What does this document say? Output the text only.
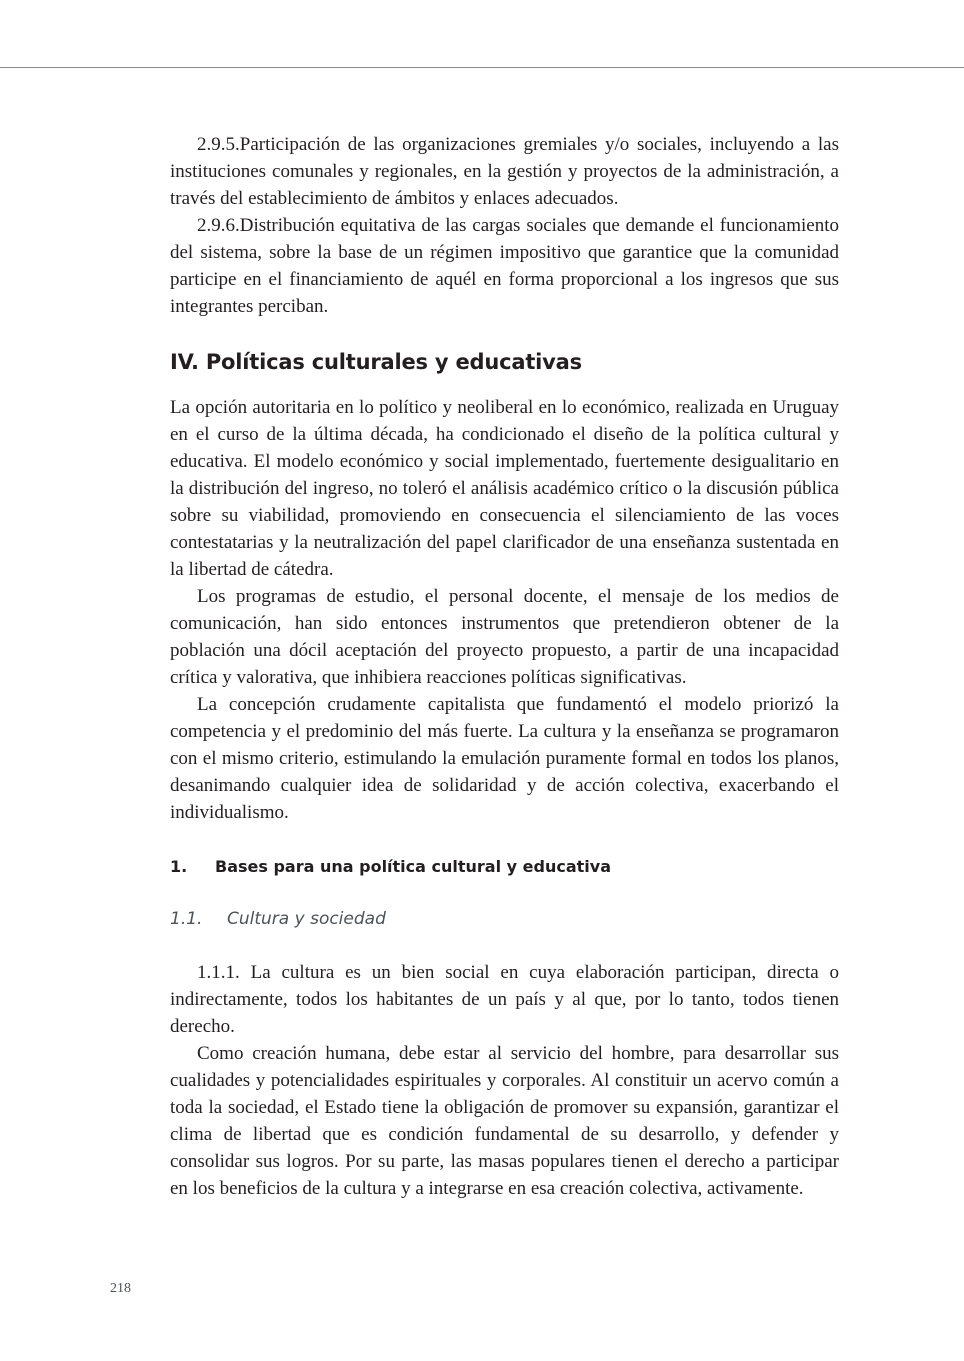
2.9.5.Participación de las organizaciones gremiales y/o sociales, incluyendo a las instituciones comunales y regionales, en la gestión y proyectos de la administración, a través del establecimiento de ámbitos y enlaces adecuados.

2.9.6.Distribución equitativa de las cargas sociales que demande el funcionamiento del sistema, sobre la base de un régimen impositivo que garantice que la comunidad participe en el financiamiento de aquél en forma proporcional a los ingresos que sus integrantes perciban.

IV. Políticas culturales y educativas

La opción autoritaria en lo político y neoliberal en lo económico, realizada en Uruguay en el curso de la última década, ha condicionado el diseño de la política cultural y educativa. El modelo económico y social implementado, fuertemente desigualitario en la distribución del ingreso, no toleró el análisis académico crítico o la discusión pública sobre su viabilidad, promoviendo en consecuencia el silenciamiento de las voces contestatarias y la neutralización del papel clarificador de una enseñanza sustentada en la libertad de cátedra.

Los programas de estudio, el personal docente, el mensaje de los medios de comunicación, han sido entonces instrumentos que pretendieron obtener de la población una dócil aceptación del proyecto propuesto, a partir de una incapacidad crítica y valorativa, que inhibiera reacciones políticas significativas.

La concepción crudamente capitalista que fundamentó el modelo priorizó la competencia y el predominio del más fuerte. La cultura y la enseñanza se programaron con el mismo criterio, estimulando la emulación puramente formal en todos los planos, desanimando cualquier idea de solidaridad y de acción colectiva, exacerbando el individualismo.

1.	Bases para una política cultural y educativa
1.1.	Cultura y sociedad

1.1.1. La cultura es un bien social en cuya elaboración participan, directa o indirectamente, todos los habitantes de un país y al que, por lo tanto, todos tienen derecho.

Como creación humana, debe estar al servicio del hombre, para desarrollar sus cualidades y potencialidades espirituales y corporales. Al constituir un acervo común a toda la sociedad, el Estado tiene la obligación de promover su expansión, garantizar el clima de libertad que es condición fundamental de su desarrollo, y defender y consolidar sus logros. Por su parte, las masas populares tienen el derecho a participar en los beneficios de la cultura y a integrarse en esa creación colectiva, activamente.

218
